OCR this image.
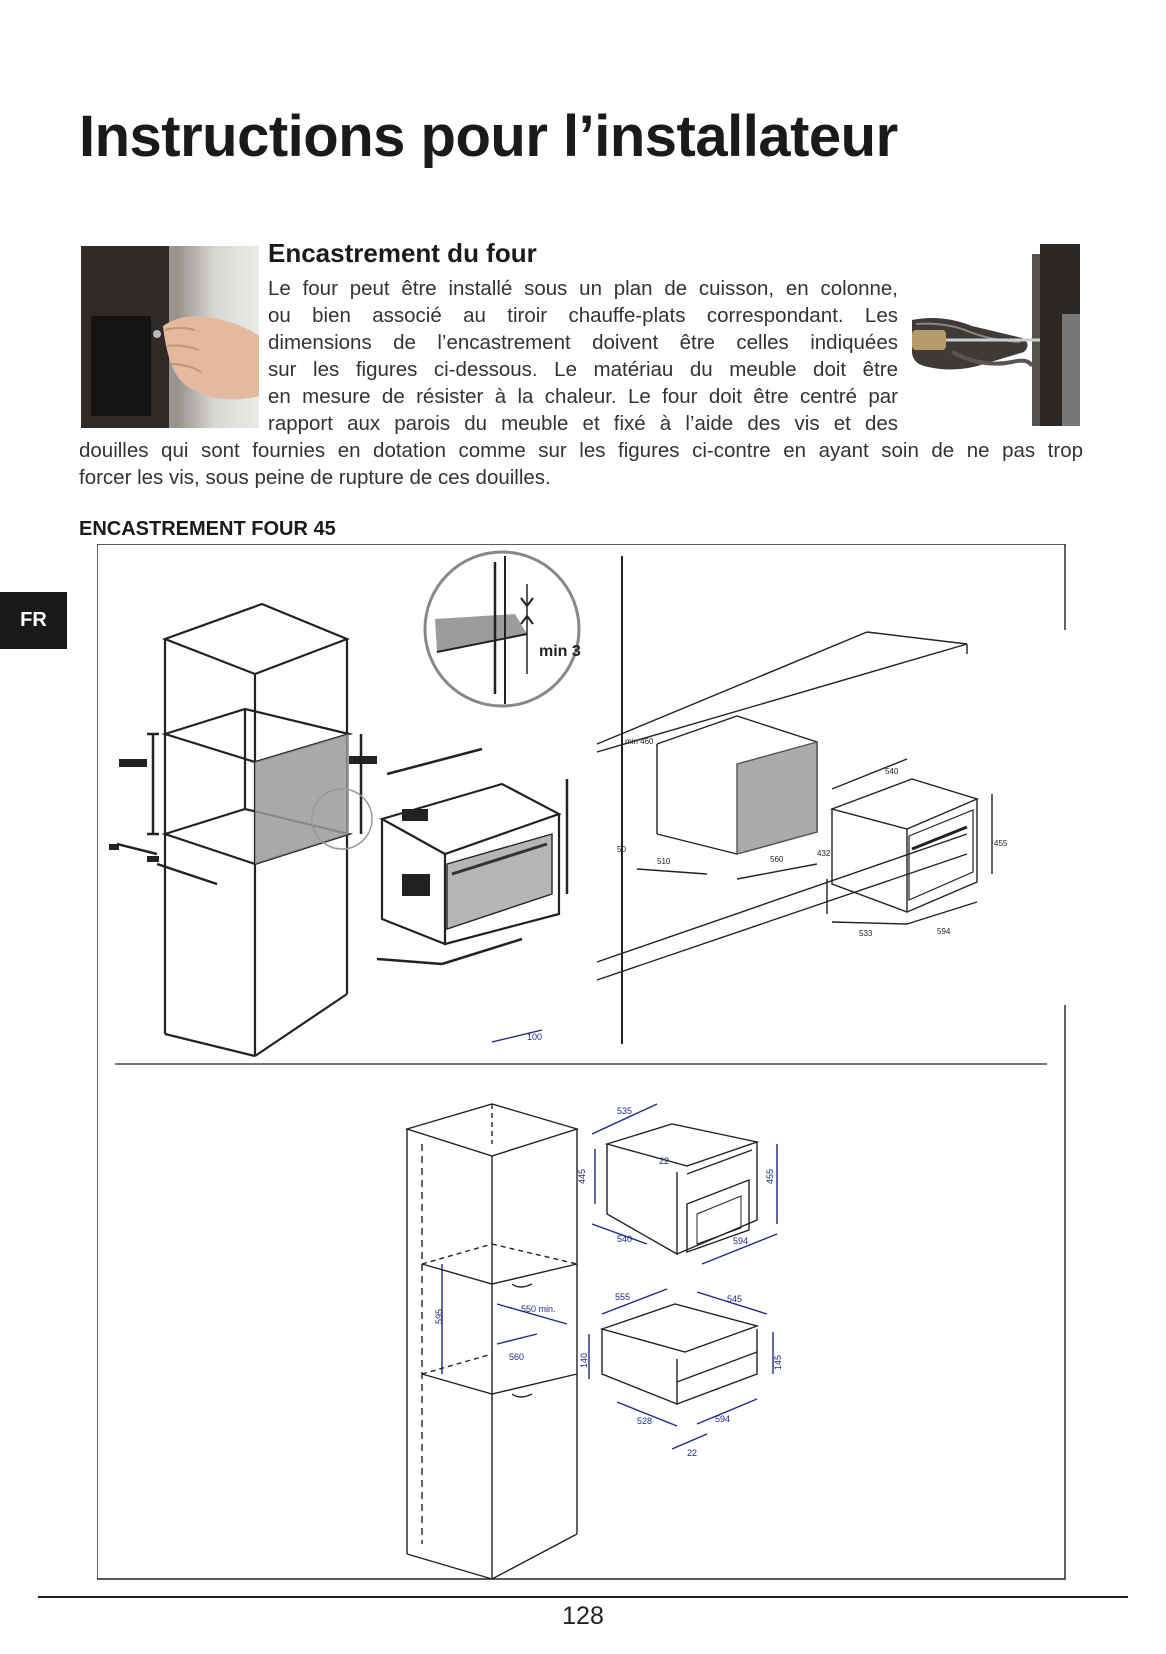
Instructions pour l’installateur
Encastrement du four
Le four peut être installé sous un plan de cuisson, en colonne,
ou bien associé au tiroir chauffe-plats correspondant. Les
dimensions de l’encastrement doivent être celles indiquées
sur les figures ci-dessous. Le matériau du meuble doit être
en mesure de résister à la chaleur. Le four doit être centré par
rapport aux parois du meuble et fixé à l’aide des vis et des
douilles qui sont fournies en dotation comme sur les figures ci-contre en ayant soin de ne pas trop
forcer les vis, sous peine de rupture de ces douilles.
ENCASTREMENT FOUR 45
FR
min 3
min 460
540
455
50
510	560
432
533	594
100
595	550 min.
560
535
22
445	455
540	594
555	545
140	145
528	594
22
128
